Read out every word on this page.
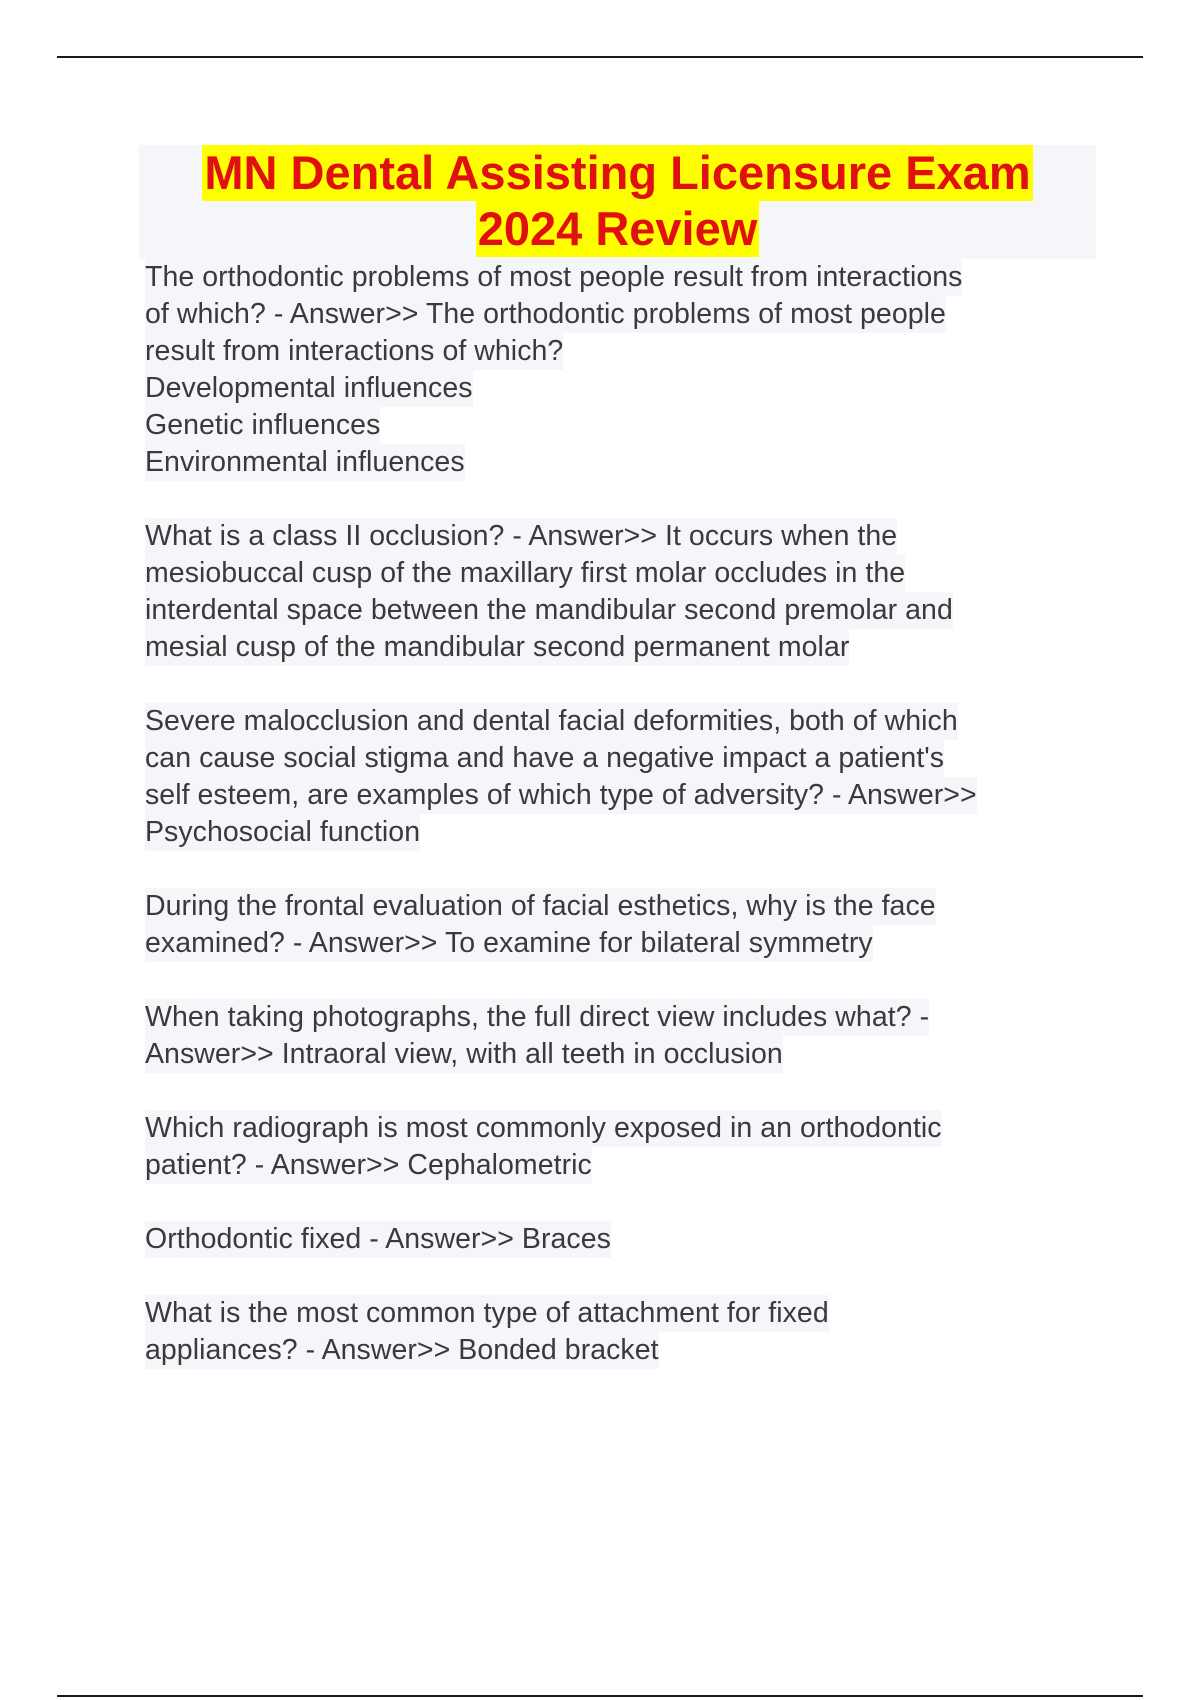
MN Dental Assisting Licensure Exam
2024 Review
The orthodontic problems of most people result from interactions
of which? - Answer>> The orthodontic problems of most people
result from interactions of which?
Developmental influences
Genetic influences
Environmental influences
What is a class II occlusion? - Answer>> It occurs when the
mesiobuccal cusp of the maxillary first molar occludes in the
interdental space between the mandibular second premolar and
mesial cusp of the mandibular second permanent molar
Severe malocclusion and dental facial deformities, both of which
can cause social stigma and have a negative impact a patient's
self esteem, are examples of which type of adversity? - Answer>>
Psychosocial function
During the frontal evaluation of facial esthetics, why is the face
examined? - Answer>> To examine for bilateral symmetry
When taking photographs, the full direct view includes what? -
Answer>> Intraoral view, with all teeth in occlusion
Which radiograph is most commonly exposed in an orthodontic
patient? - Answer>> Cephalometric
Orthodontic fixed - Answer>> Braces
What is the most common type of attachment for fixed
appliances? - Answer>> Bonded bracket
